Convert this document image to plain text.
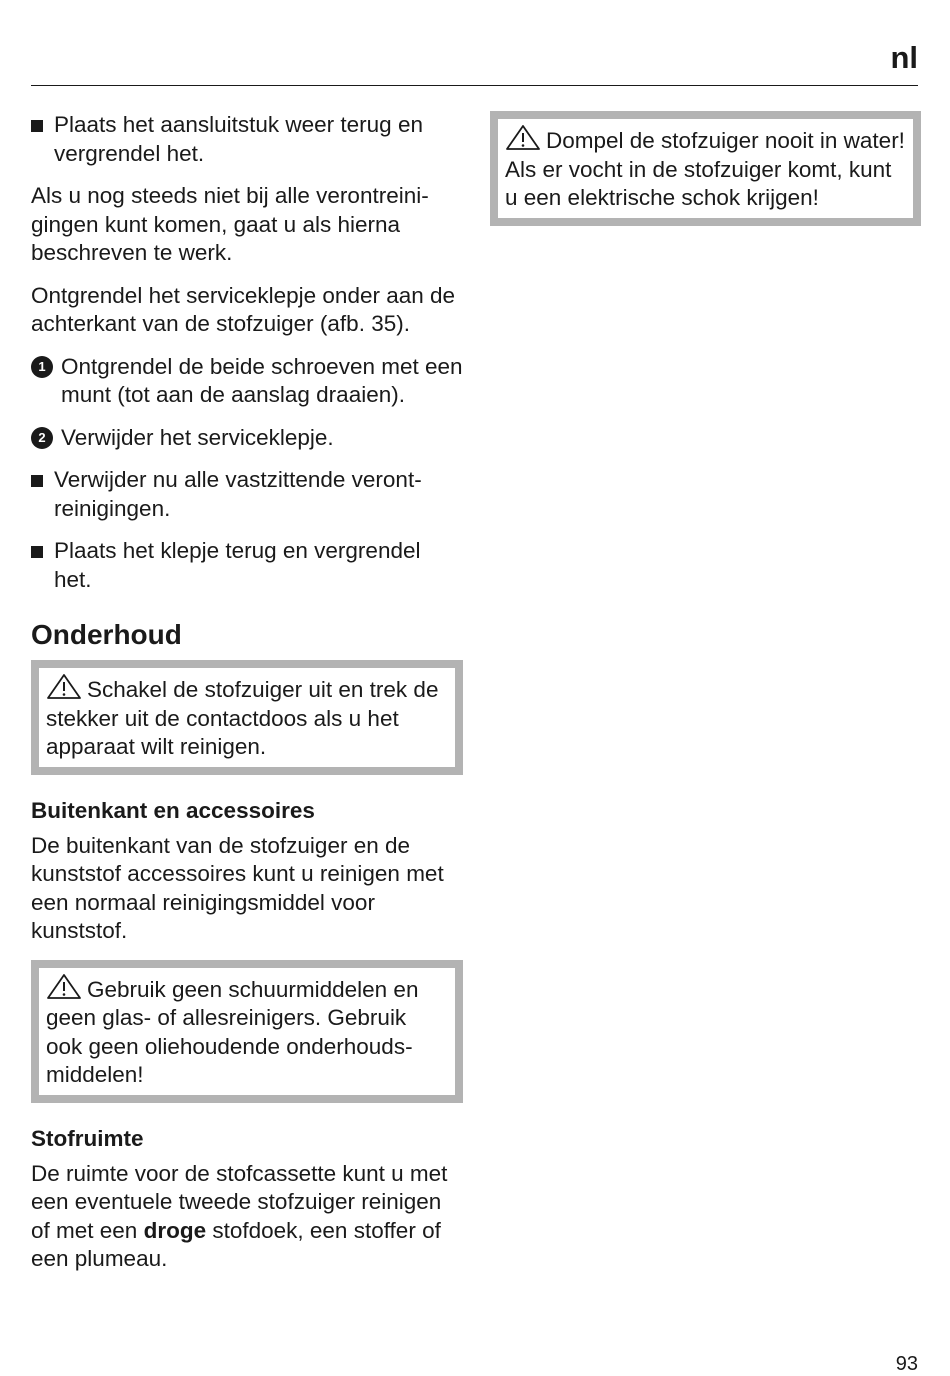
nl

Plaats het aansluitstuk weer terug en vergrendel het.

Als u nog steeds niet bij alle verontreinigingen kunt komen, gaat u als hierna beschreven te werk.

Ontgrendel het serviceklepje onder aan de achterkant van de stofzuiger (afb. 35).

1 Ontgrendel de beide schroeven met een munt (tot aan de aanslag draaien).

2 Verwijder het serviceklepje.

Verwijder nu alle vastzittende verontreinigingen.

Plaats het klepje terug en vergrendel het.

Onderhoud

Schakel de stofzuiger uit en trek de stekker uit de contactdoos als u het apparaat wilt reinigen.

Buitenkant en accessoires

De buitenkant van de stofzuiger en de kunststof accessoires kunt u reinigen met een normaal reinigingsmiddel voor kunststof.

Gebruik geen schuurmiddelen en geen glas- of allesreinigers. Gebruik ook geen oliehoudende onderhoudsmiddelen!

Stofruimte

De ruimte voor de stofcassette kunt u met een eventuele tweede stofzuiger reinigen of met een droge stofdoek, een stoffer of een plumeau.

Dompel de stofzuiger nooit in water! Als er vocht in de stofzuiger komt, kunt u een elektrische schok krijgen!

93
